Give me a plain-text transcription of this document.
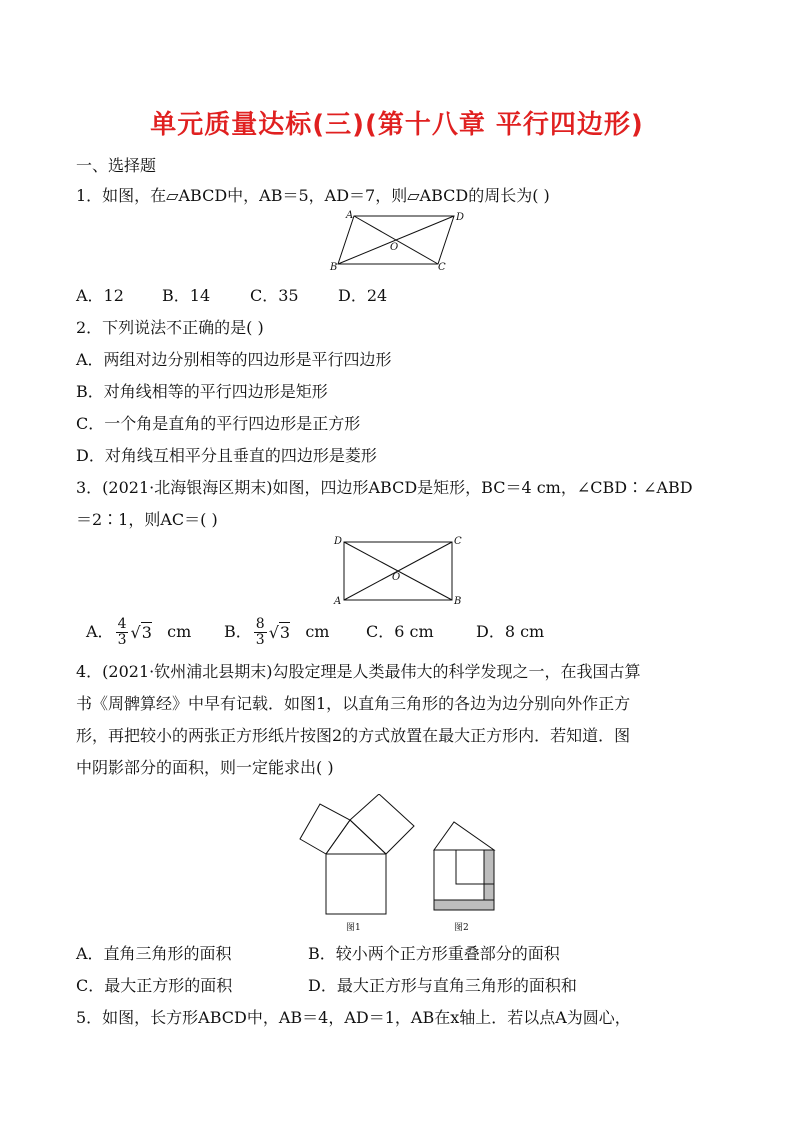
单元质量达标(三)(第十八章 平行四边形)
一、选择题
1．如图，在▱ABCD中，AB＝5，AD＝7，则▱ABCD的周长为( )
A	D
B	C
O
A．12 B．14 C．35 D．24
2．下列说法不正确的是( )
A．两组对边分别相等的四边形是平行四边形
B．对角线相等的平行四边形是矩形
C．一个角是直角的平行四边形是正方形
D．对角线互相平分且垂直的四边形是菱形
3．(2021·北海银海区期末)如图，四边形ABCD是矩形，BC＝4 cm，∠CBD∶∠ABD
＝2∶1，则AC＝( )
D	C
A	B
O
A． $\frac{4}{3} √3$ cm B． $\frac{8}{3} √3$ cm C．6 cm	D．8 cm
4．(2021·钦州浦北县期末)勾股定理是人类最伟大的科学发现之一，在我国古算
书《周髀算经》中早有记载．如图1，以直角三角形的各边为边分别向外作正方
形，再把较小的两张正方形纸片按图2的方式放置在最大正方形内．若知道．图
中阴影部分的面积，则一定能求出( )
图1	图2
A．直角三角形的面积	B．较小两个正方形重叠部分的面积
C．最大正方形的面积	D．最大正方形与直角三角形的面积和
5．如图，长方形ABCD中，AB＝4，AD＝1，AB在x轴上．若以点A为圆心，
